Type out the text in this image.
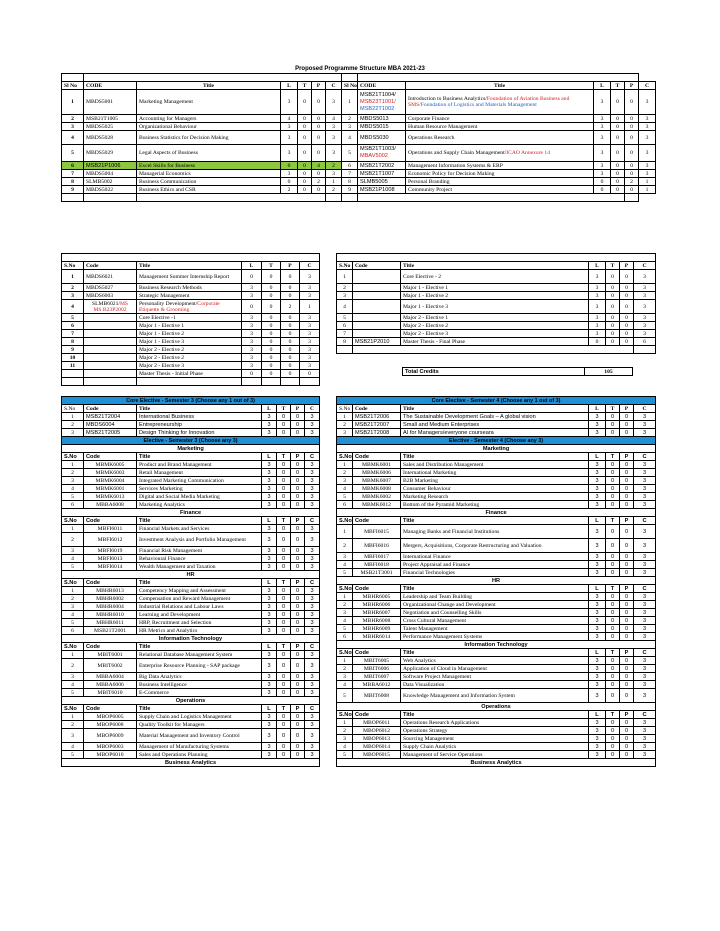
Proposed Programme Structure MBA 2021-23

Sl No	CODE	Title	L	T	P	C	Sl No	CODE	Title	L	T	P	C
1	MBDS5001	Marketing Management	3	0	0	3	1	MSB21T1004/
MSB23T1001/
MSB22T1002	Introduction to Business Analytics/Foundation of Aviation Business and SMS/Foundation of Logistics and Materials Management	3	0	0	3
2	MSB21T1005	Accounting for Managers	4	0	0	4	2	MBDS5013	Corporate Finance	3	0	0	3
3	MBDS5025	Organizational Behaviour	3	0	0	3	3	MBDS5015	Human Resource Management	3	0	0	3
4	MBDS5028	Business Statistics for Decision Making	3	0	0	3	4	MBDS5030	Operations Research	3	0	0	3
5	MBDS5029	Legal Aspects of Business	3	0	0	3	5	MSB21T1003/
MBAV5002	Operations and Supply Chain Management/ICAO Annexure 14	3	0	0	3
6	MSB21P1006	Excel Skills for Business	0	0	4	2	6	MSB21T2002	Management Information Systems & ERP	3	0	0	3
7	MBDS5004	Managerial Economics	3	0	0	3	7	MSB21T1007	Economic Policy for Decision Making	3	0	0	3
8	SLMB5002	Business Communication	0	0	2	1	8	SLMB5005	Personal Branding	0	0	2	1
9	MBDS5022	Business Ethics and CSR	2	0	0	2	9	MSB21P1008	Community Project	0	0	0	1

S.No	Code	Title	L	T	P	C
1	MBDS6021	Management Summer Internship Report	0	0	0	3
2	MBDS5027	Business Research Methods	3	0	0	3
3	MBDS6003	Strategic Management	3	0	0	3
4	SLMB6021/MS
MS B23P2002	Personality Development/Corporate Etiquette & Grooming	0	0	2	1
5		Core Elective -1	3	0	0	3
6		Major 1 - Elective 1	3	0	0	3
7		Major 1 - Elective 2	3	0	0	3
8		Major 1 - Elective 3	3	0	0	3
9		Major 2 - Elective 2	3	0	0	3
10		Major 2 - Elective 2	3	0	0	3
11		Major 2 - Elective 3	3	0	0	3
		Master Thesis - Initial Phase	0	0	0	0

S.No	Code	Title	L	T	P	C
1		Core Elective - 2	3	0	0	3
2		Major 1 - Elective 1	3	0	0	3
3		Major 1 - Elective 2	3	0	0	3
4		Major 1 - Elective 3	3	0	0	3
5		Major 2 - Elective 1	3	0	0	3
6		Major 2 - Elective 2	3	0	0	3
7		Major 2 - Elective 3	3	0	0	3
8	MSB21P2010	Master Thesis - Final Phase	0	0	0	6

Total Credits	105
Core Elective - Semester 3 (Choose any 1 out of 3)						
S.No	Code	Title	L	T	P	C
1	MSB21T2004	International Business	3	0	0	3
2	MBDS6004	Entrepreneurship	3	0	0	3
3	MSB21T2005	Design Thinking for Innovation	3	0	0	3
Elective - Semester 3 (Choose any 3)						
Marketing						
S.No	Code	Title	L	T	P	C
1	MBMK6005	Product and Brand Management	3	0	0	3
2	MBMK6003	Retail Management	3	0	0	3
3	MBMK6004	Integrated Marketing Communication	3	0	0	3
4	MBMK6001	Services Marketing	3	0	0	3
5	MBMK6013	Digital and Social Media Marketing	3	0	0	3
6	MBBA6008	Marketing Analytics	3	0	0	3
Finance						
S.No	Code	Title	L	T	P	C
1	MBFI6011	Financial Markets and Services	3	0	0	3
2	MBFI6012	Investment Analysis and Portfolio Management	3	0	0	3
3	MBFI6019	Financial Risk Management	3	0	0	3
4	MBFI6013	Behavioural Finance	3	0	0	3
5	MBFI6014	Wealth Management and Taxation	3	0	0	3
HR						
S.No	Code	Title	L	T	P	C
1	MBHR6013	Competency Mapping and Assessment	3	0	0	3
2	MBHR6002	Compensation and Reward Management	3	0	0	3
3	MBHR6004	Industrial Relations and Labour Laws	3	0	0	3
4	MBHR6010	Learning and Development	3	0	0	3
5	MBHR6011	HRP, Recruitment and Selection	3	0	0	3
6	MSB21T2001	HR Metrics and Analytics	3	0	0	3
Information Technology						
S.No	Code	Title	L	T	P	C
1	MBIT6001	Relational Database Management System	3	0	0	3
2	MBIT6002	Enterprise Resource Planning - SAP package	3	0	0	3
3	MBBA6004	Big Data Analytics	3	0	0	3
4	MBBA6006	Business Intelligence	3	0	0	3
5	MBIT6010	E-Commerce	3	0	0	3
Operations						
S.No	Code	Title	L	T	P	C
1	MBOP6005	Supply Chain and Logistics Management	3	0	0	3
2	MBOP6008	Quality Toolkit for Managers	3	0	0	3
3	MBOP6009	Material Management and Inventory Control	3	0	0	3
4	MBOP6003	Management of Manufacturing Systems	3	0	0	3
5	MBOP6010	Sales and Operations Planning	3	0	0	3
Business Analytics						
Core Elective - Semester 4 (Choose any 1 out of 3)						
S.No	Code	Title	L	T	P	C
1	MSB21T2006	The Sustainable Development Goals – A global vision	3	0	0	3
2	MSB21T2007	Small and Medium Enterprises	3	0	0	3
3	MSB21T2008	AI for Managers/everyone courseara	3	0	0	3
Elective - Semester 4 (Choose any 3)						
Marketing						
S.No	Code	Title	L	T	P	C
1	MBMK6001	Sales and Distribution Management	3	0	0	3
2	MBMK6006	International Marketing	3	0	0	3
3	MBMK6007	B2B Marketing	3	0	0	3
4	MBMK6008	Consumer Behaviour	3	0	0	3
5	MBMK6002	Marketing Research	3	0	0	3
6	MBMK6012	Bottom of the Pyramid Marketing	3	0	0	3
Finance						
S.No	Code	Title	L	T	P	C
1	MBFI6015	Managing Banks and Financial Institutions	3	0	0	3
2	MBFI6016	Mergers, Acquisitions, Corporate Restructuring and Valuation	3	0	0	3
3	MBFI6017	International Finance	3	0	0	3
4	MBFI6018	Project Appraisal and Finance	3	0	0	3
5	MSB21T3001	Financial Technologies	3	0	0	3
HR						
S.No	Code	Title	L	T	P	C
1	MBHR6005	Leadership and Team Building	3	0	0	3
2	MBHR6006	Organizational Change and Development	3	0	0	3
3	MBHR6007	Negotiation and Counselling Skills	3	0	0	3
4	MBHR6008	Cross Cultural Management	3	0	0	3
5	MBHR6009	Talent Management	3	0	0	3
6	MBHR6014	Performance Management Systems	3	0	0	3
Information Technology						
S.No	Code	Title	L	T	P	C
1	MBIT6005	Web Analytics	3	0	0	3
2	MBIT6006	Application of Cloud in Management	3	0	0	3
3	MBIT6007	Software Project Management	3	0	0	3
4	MBBA6012	Data Visualization	3	0	0	3
5	MBIT6008	Knowledge Management and Information System	3	0	0	3
Operations						
S.No	Code	Title	L	T	P	C
1	MBOP6011	Operations Research Applications	3	0	0	3
2	MBOP6012	Operations Strategy	3	0	0	3
3	MBOP6013	Sourcing Management	3	0	0	3
4	MBOP6014	Supply Chain Analytics	3	0	0	3
5	MBOP6015	Management of Service Operations	3	0	0	3
Business Analytics						
